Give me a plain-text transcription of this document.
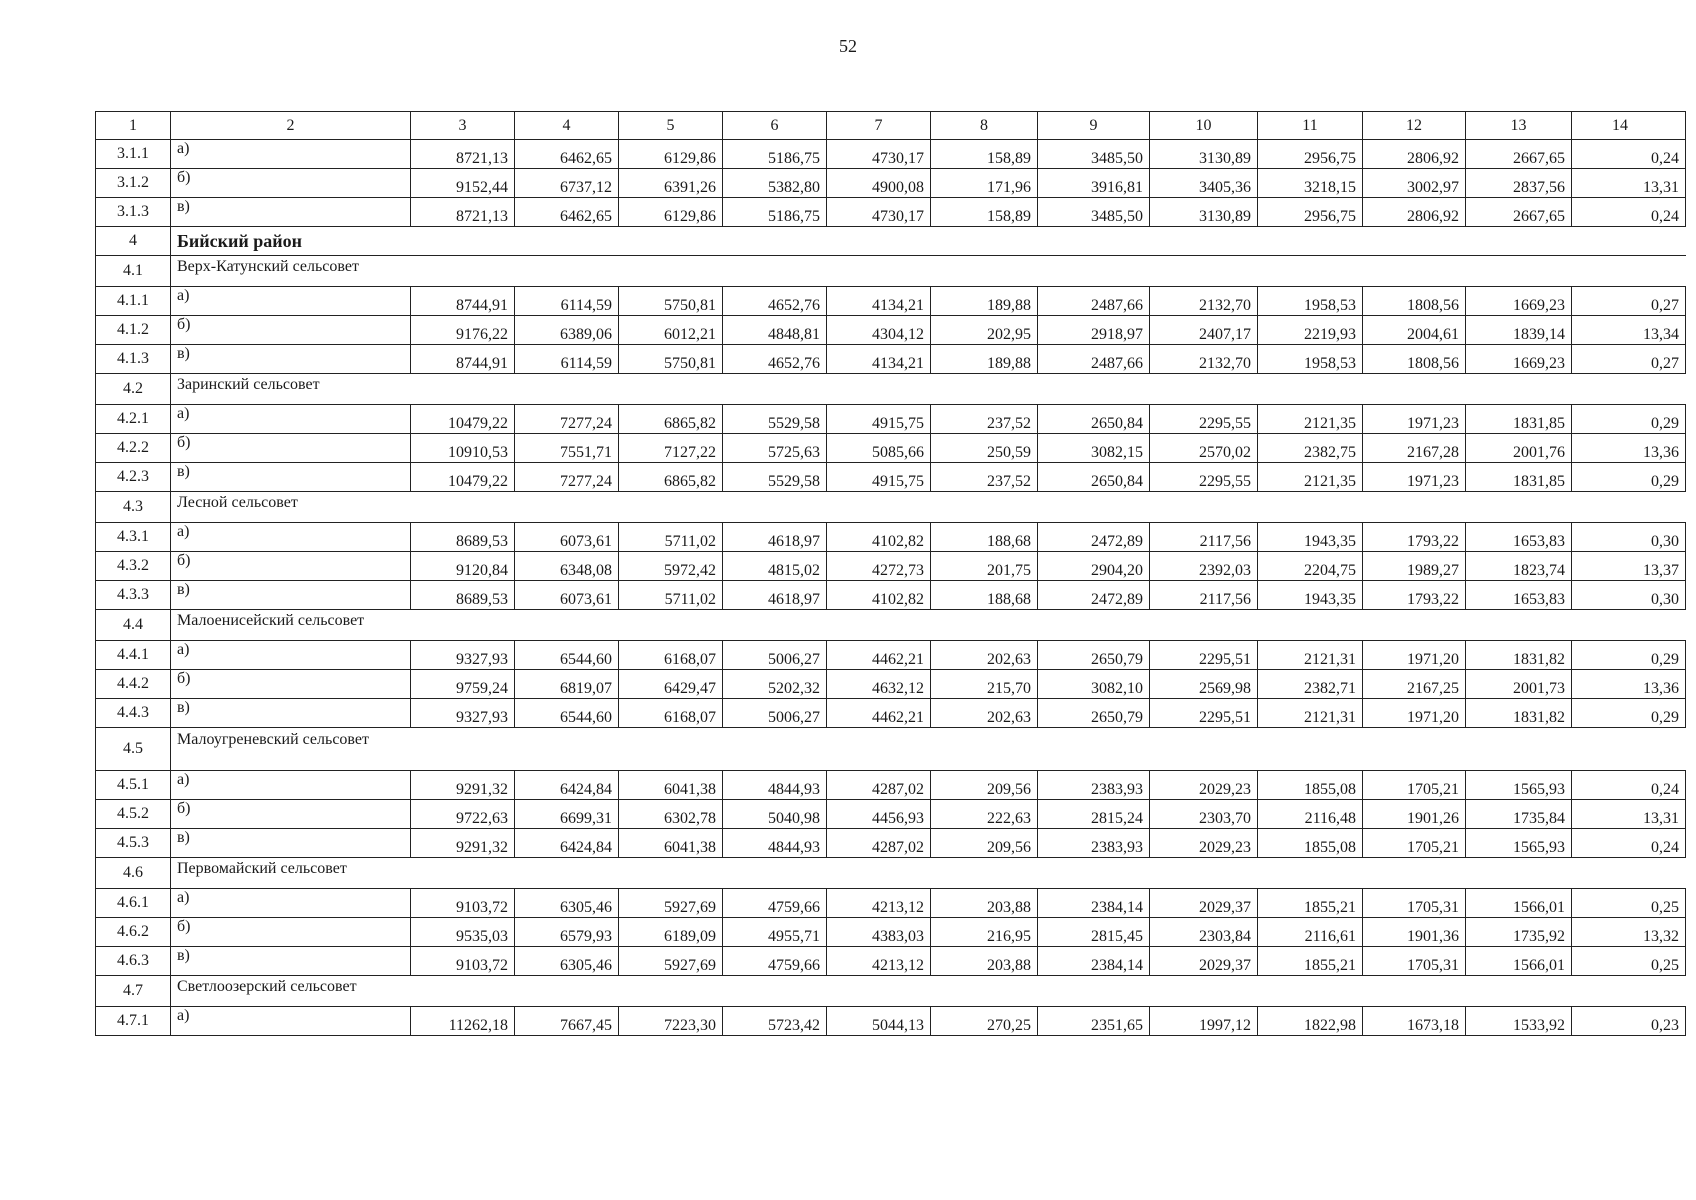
52
1	2	3	4	5	6	7	8	9	10	11	12	13	14
3.1.1	а)	8721,13	6462,65	6129,86	5186,75	4730,17	158,89	3485,50	3130,89	2956,75	2806,92	2667,65	0,24
3.1.2	б)	9152,44	6737,12	6391,26	5382,80	4900,08	171,96	3916,81	3405,36	3218,15	3002,97	2837,56	13,31
3.1.3	в)	8721,13	6462,65	6129,86	5186,75	4730,17	158,89	3485,50	3130,89	2956,75	2806,92	2667,65	0,24
4	Бийский район												
4.1	Верх-Катунский сельсовет												
4.1.1	а)	8744,91	6114,59	5750,81	4652,76	4134,21	189,88	2487,66	2132,70	1958,53	1808,56	1669,23	0,27
4.1.2	б)	9176,22	6389,06	6012,21	4848,81	4304,12	202,95	2918,97	2407,17	2219,93	2004,61	1839,14	13,34
4.1.3	в)	8744,91	6114,59	5750,81	4652,76	4134,21	189,88	2487,66	2132,70	1958,53	1808,56	1669,23	0,27
4.2	Заринский сельсовет												
4.2.1	а)	10479,22	7277,24	6865,82	5529,58	4915,75	237,52	2650,84	2295,55	2121,35	1971,23	1831,85	0,29
4.2.2	б)	10910,53	7551,71	7127,22	5725,63	5085,66	250,59	3082,15	2570,02	2382,75	2167,28	2001,76	13,36
4.2.3	в)	10479,22	7277,24	6865,82	5529,58	4915,75	237,52	2650,84	2295,55	2121,35	1971,23	1831,85	0,29
4.3	Лесной сельсовет												
4.3.1	а)	8689,53	6073,61	5711,02	4618,97	4102,82	188,68	2472,89	2117,56	1943,35	1793,22	1653,83	0,30
4.3.2	б)	9120,84	6348,08	5972,42	4815,02	4272,73	201,75	2904,20	2392,03	2204,75	1989,27	1823,74	13,37
4.3.3	в)	8689,53	6073,61	5711,02	4618,97	4102,82	188,68	2472,89	2117,56	1943,35	1793,22	1653,83	0,30
4.4	Малоенисейский сельсовет												
4.4.1	а)	9327,93	6544,60	6168,07	5006,27	4462,21	202,63	2650,79	2295,51	2121,31	1971,20	1831,82	0,29
4.4.2	б)	9759,24	6819,07	6429,47	5202,32	4632,12	215,70	3082,10	2569,98	2382,71	2167,25	2001,73	13,36
4.4.3	в)	9327,93	6544,60	6168,07	5006,27	4462,21	202,63	2650,79	2295,51	2121,31	1971,20	1831,82	0,29
4.5	Малоугреневский сельсовет												
4.5.1	а)	9291,32	6424,84	6041,38	4844,93	4287,02	209,56	2383,93	2029,23	1855,08	1705,21	1565,93	0,24
4.5.2	б)	9722,63	6699,31	6302,78	5040,98	4456,93	222,63	2815,24	2303,70	2116,48	1901,26	1735,84	13,31
4.5.3	в)	9291,32	6424,84	6041,38	4844,93	4287,02	209,56	2383,93	2029,23	1855,08	1705,21	1565,93	0,24
4.6	Первомайский сельсовет												
4.6.1	а)	9103,72	6305,46	5927,69	4759,66	4213,12	203,88	2384,14	2029,37	1855,21	1705,31	1566,01	0,25
4.6.2	б)	9535,03	6579,93	6189,09	4955,71	4383,03	216,95	2815,45	2303,84	2116,61	1901,36	1735,92	13,32
4.6.3	в)	9103,72	6305,46	5927,69	4759,66	4213,12	203,88	2384,14	2029,37	1855,21	1705,31	1566,01	0,25
4.7	Светлоозерский сельсовет												
4.7.1	а)	11262,18	7667,45	7223,30	5723,42	5044,13	270,25	2351,65	1997,12	1822,98	1673,18	1533,92	0,23
